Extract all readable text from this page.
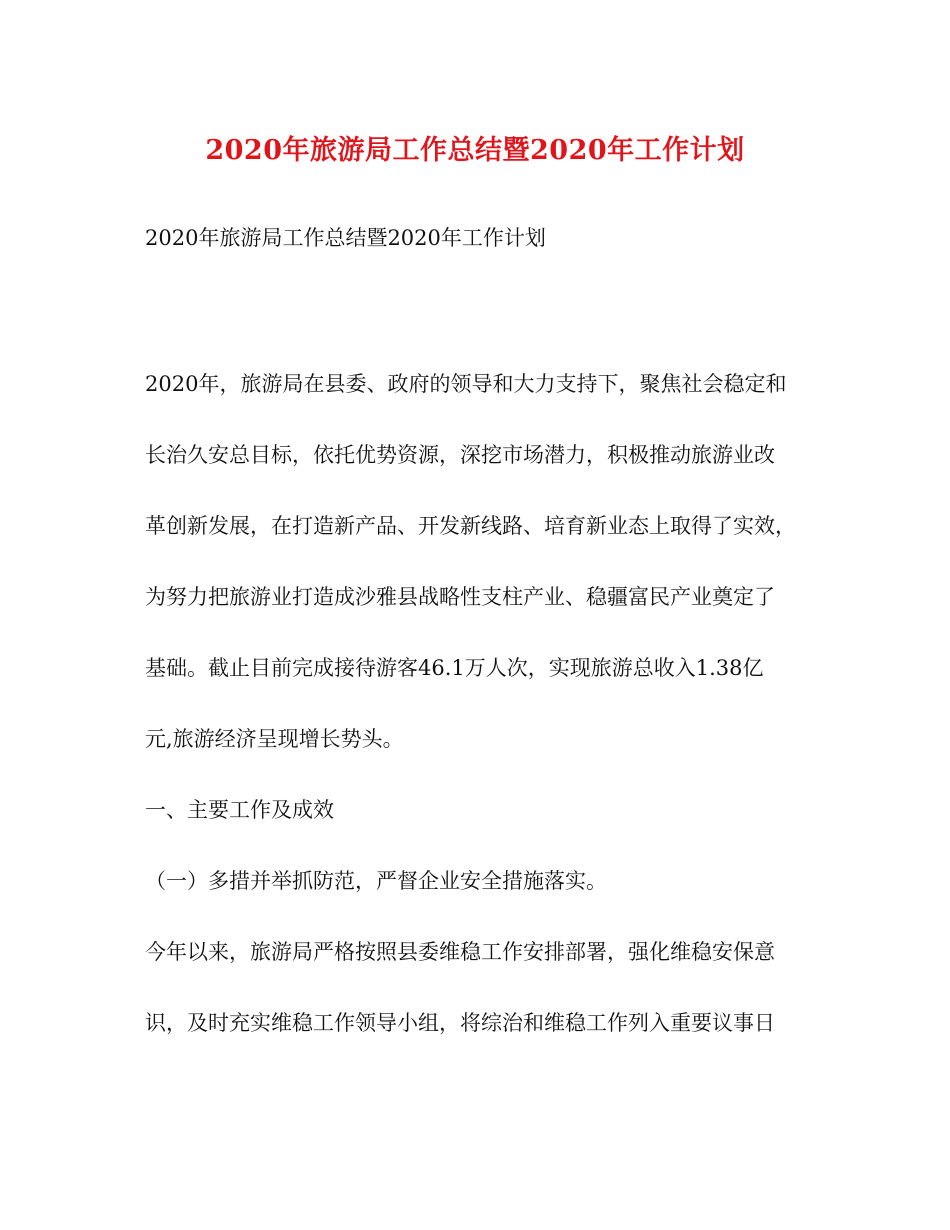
2020年旅游局工作总结暨2020年工作计划
2020年旅游局工作总结暨2020年工作计划
2020年，旅游局在县委、政府的领导和大力支持下，聚焦社会稳定和
长治久安总目标，依托优势资源，深挖市场潜力，积极推动旅游业改
革创新发展，在打造新产品、开发新线路、培育新业态上取得了实效，
为努力把旅游业打造成沙雅县战略性支柱产业、稳疆富民产业奠定了
基础。截止目前完成接待游客46.1万人次，实现旅游总收入1.38亿
元,旅游经济呈现增长势头。
一、主要工作及成效
（一）多措并举抓防范，严督企业安全措施落实。
今年以来，旅游局严格按照县委维稳工作安排部署，强化维稳安保意
识，及时充实维稳工作领导小组，将综治和维稳工作列入重要议事日
